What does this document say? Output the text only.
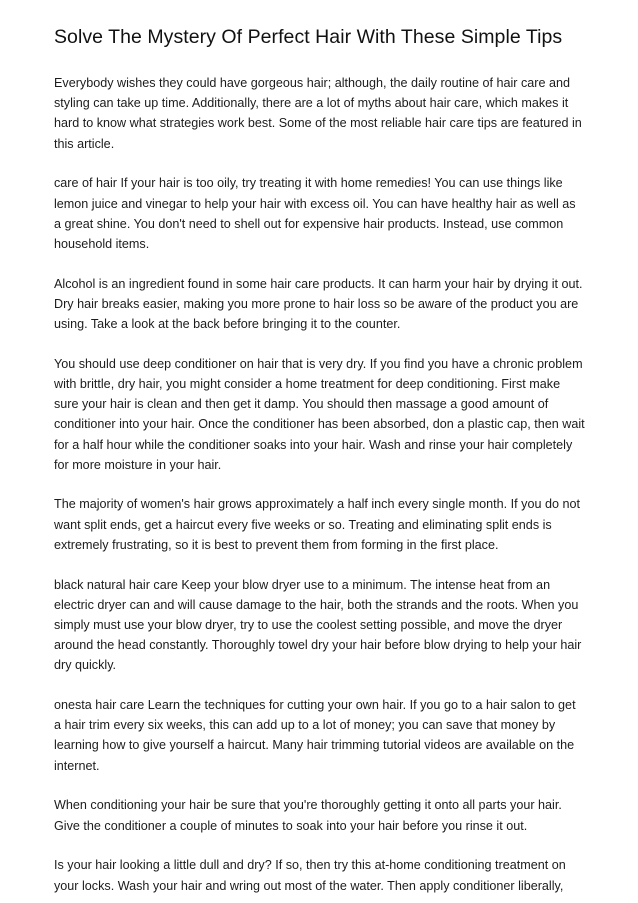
Solve The Mystery Of Perfect Hair With These Simple Tips

Everybody wishes they could have gorgeous hair; although, the daily routine of hair care and styling can take up time. Additionally, there are a lot of myths about hair care, which makes it hard to know what strategies work best. Some of the most reliable hair care tips are featured in this article.

care of hair If your hair is too oily, try treating it with home remedies! You can use things like lemon juice and vinegar to help your hair with excess oil. You can have healthy hair as well as a great shine. You don't need to shell out for expensive hair products. Instead, use common household items.

Alcohol is an ingredient found in some hair care products. It can harm your hair by drying it out. Dry hair breaks easier, making you more prone to hair loss so be aware of the product you are using. Take a look at the back before bringing it to the counter.

You should use deep conditioner on hair that is very dry. If you find you have a chronic problem with brittle, dry hair, you might consider a home treatment for deep conditioning. First make sure your hair is clean and then get it damp. You should then massage a good amount of conditioner into your hair. Once the conditioner has been absorbed, don a plastic cap, then wait for a half hour while the conditioner soaks into your hair. Wash and rinse your hair completely for more moisture in your hair.

The majority of women's hair grows approximately a half inch every single month. If you do not want split ends, get a haircut every five weeks or so. Treating and eliminating split ends is extremely frustrating, so it is best to prevent them from forming in the first place.

black natural hair care Keep your blow dryer use to a minimum. The intense heat from an electric dryer can and will cause damage to the hair, both the strands and the roots. When you simply must use your blow dryer, try to use the coolest setting possible, and move the dryer around the head constantly. Thoroughly towel dry your hair before blow drying to help your hair dry quickly.

onesta hair care Learn the techniques for cutting your own hair. If you go to a hair salon to get a hair trim every six weeks, this can add up to a lot of money; you can save that money by learning how to give yourself a haircut. Many hair trimming tutorial videos are available on the internet.

When conditioning your hair be sure that you're thoroughly getting it onto all parts your hair. Give the conditioner a couple of minutes to soak into your hair before you rinse it out.

Is your hair looking a little dull and dry? If so, then try this at-home conditioning treatment on your locks. Wash your hair and wring out most of the water. Then apply conditioner liberally,
